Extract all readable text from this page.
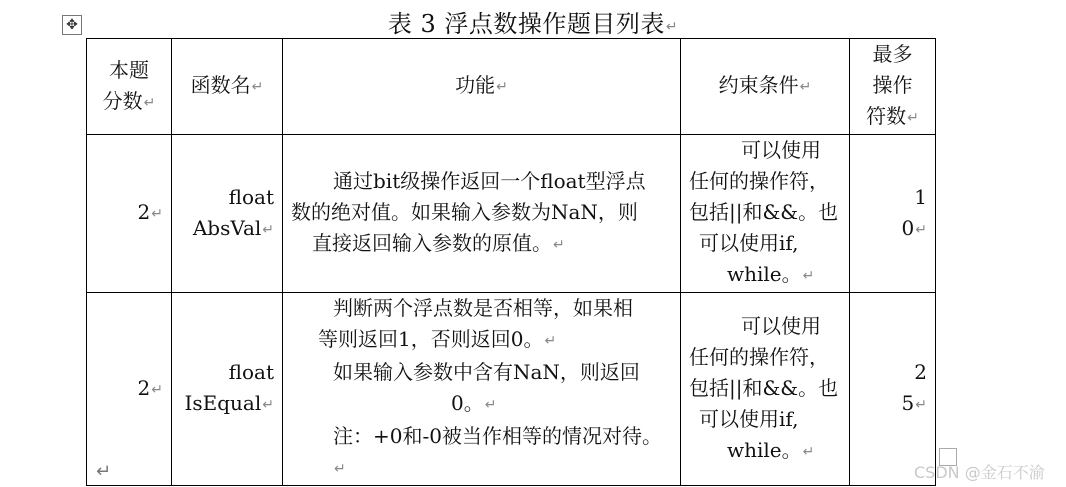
✥	表 3 浮点数操作题目列表↵
本题
分数↵	函数名↵	功能↵	约束条件↵	最多
操作
符数↵

2↵	float
AbsVal↵	通过bit级操作返回一个float型浮点
数的绝对值。如果输入参数为NaN，则
直接返回输入参数的原值。↵	可以使用
任何的操作符，
包括||和&&。也
可以使用if,
while。↵	1
0↵

2↵	float
IsEqual↵	判断两个浮点数是否相等，如果相
等则返回1，否则返回0。↵
如果输入参数中含有NaN，则返回
0。↵
注：+0和-0被当作相等的情况对待。↵	可以使用
任何的操作符，
包括||和&&。也
可以使用if,
while。↵	2
5↵
↵	CSDN @金石不渝
